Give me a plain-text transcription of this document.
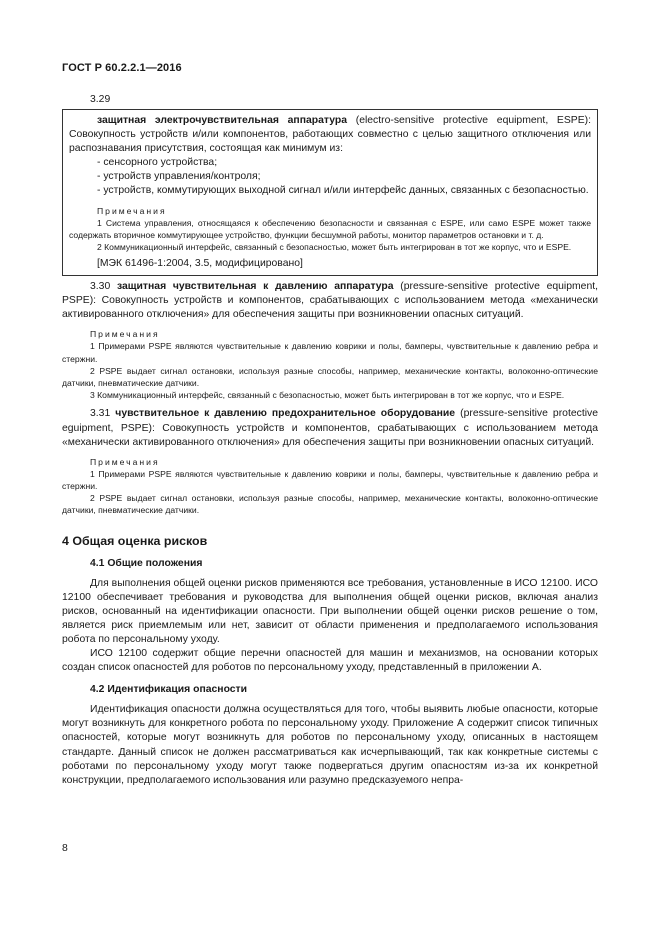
ГОСТ Р 60.2.2.1—2016

3.29

защитная электрочувствительная аппаратура (electro-sensitive protective equipment, ESPE): Совокупность устройств и/или компонентов, работающих совместно с целью защитного отключения или распознавания присутствия, состоящая как минимум из:

- сенсорного устройства;

- устройств управления/контроля;

- устройств, коммутирующих выходной сигнал и/или интерфейс данных, связанных с безопасностью.

Примечания

1 Система управления, относящаяся к обеспечению безопасности и связанная с ESPE, или само ESPE может также содержать вторичное коммутирующее устройство, функции бесшумной работы, монитор параметров остановки и т. д.

2 Коммуникационный интерфейс, связанный с безопасностью, может быть интегрирован в тот же корпус, что и ESPE.

[МЭК 61496-1:2004, 3.5, модифицировано]

3.30 защитная чувствительная к давлению аппаратура (pressure-sensitive protective equipment, PSPE): Совокупность устройств и компонентов, срабатывающих с использованием метода «механически активированного отключения» для обеспечения защиты при возникновении опасных ситуаций.

Примечания

1 Примерами PSPE являются чувствительные к давлению коврики и полы, бамперы, чувствительные к давлению ребра и стержни.

2 PSPE выдает сигнал остановки, используя разные способы, например, механические контакты, волоконно-оптические датчики, пневматические датчики.

3 Коммуникационный интерфейс, связанный с безопасностью, может быть интегрирован в тот же корпус, что и ESPE.

3.31 чувствительное к давлению предохранительное оборудование (pressure-sensitive protective eguipment, PSPE): Совокупность устройств и компонентов, срабатывающих с использованием метода «механически активированного отключения» для обеспечения защиты при возникновении опасных ситуаций.

Примечания

1 Примерами PSPE являются чувствительные к давлению коврики и полы, бамперы, чувствительные к давлению ребра и стержни.

2 PSPE выдает сигнал остановки, используя разные способы, например, механические контакты, волоконно-оптические датчики, пневматические датчики.

4 Общая оценка рисков

4.1 Общие положения

Для выполнения общей оценки рисков применяются все требования, установленные в ИСО 12100. ИСО 12100 обеспечивает требования и руководства для выполнения общей оценки рисков, включая анализ рисков, основанный на идентификации опасности. При выполнении общей оценки рисков решение о том, является риск приемлемым или нет, зависит от области применения и предполагаемого использования робота по персональному уходу.

ИСО 12100 содержит общие перечни опасностей для машин и механизмов, на основании которых создан список опасностей для роботов по персональному уходу, представленный в приложении А.

4.2 Идентификация опасности

Идентификация опасности должна осуществляться для того, чтобы выявить любые опасности, которые могут возникнуть для конкретного робота по персональному уходу. Приложение А содержит список типичных опасностей, которые могут возникнуть для роботов по персональному уходу, описанных в настоящем стандарте. Данный список не должен рассматриваться как исчерпывающий, так как конкретные системы с роботами по персональному уходу могут также подвергаться другим опасностям из-за их конкретной конструкции, предполагаемого использования или разумно предсказуемого непра-

8
